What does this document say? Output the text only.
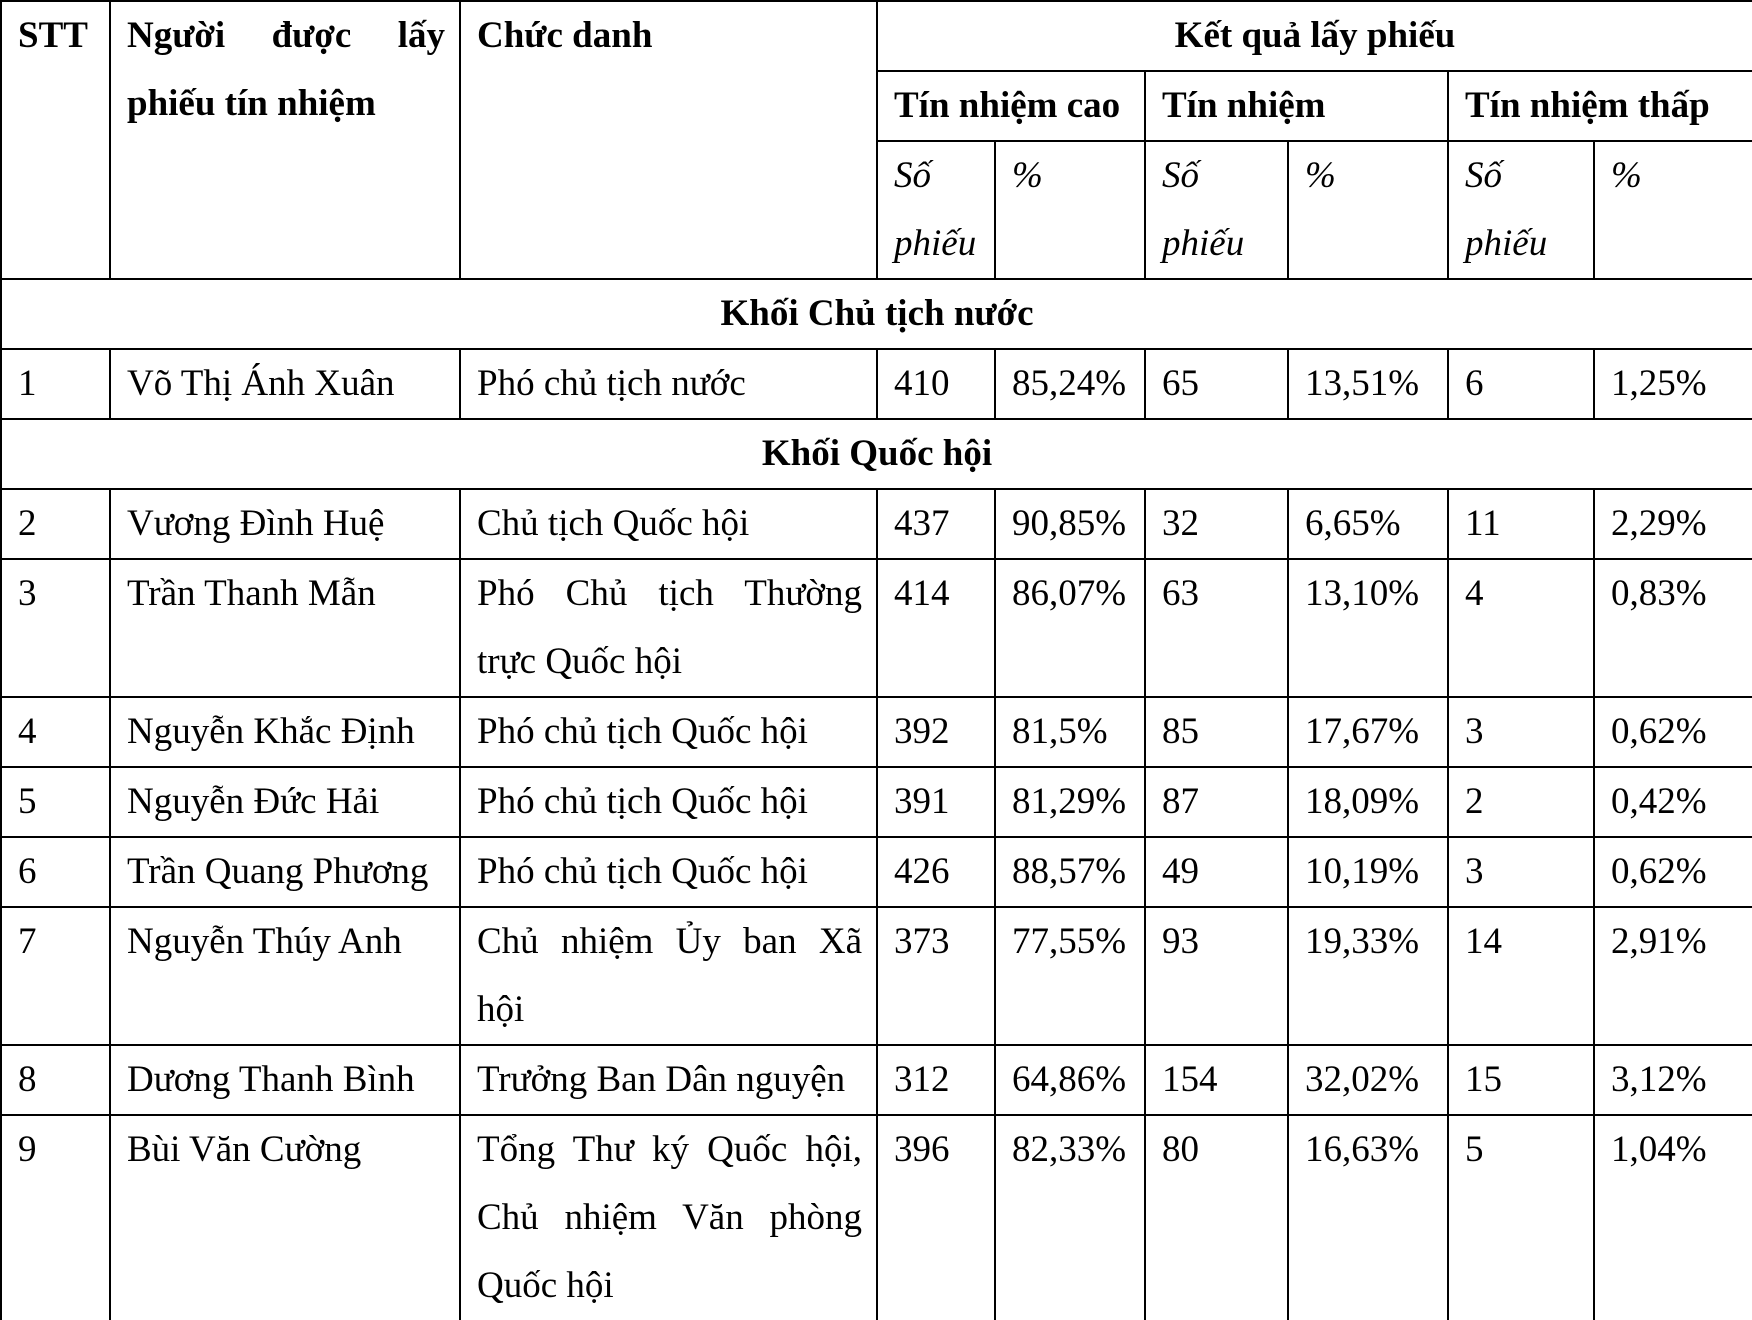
STT	Người được lấy phiếu tín nhiệm	Chức danh	Kết quả lấy phiếu					
			Tín nhiệm cao		Tín nhiệm		Tín nhiệm thấp	
			Số phiếu	%	Số phiếu	%	Số phiếu	%
Khối Chủ tịch nước								
1	Võ Thị Ánh Xuân	Phó chủ tịch nước	410	85,24%	65	13,51%	6	1,25%
Khối Quốc hội								
2	Vương Đình Huệ	Chủ tịch Quốc hội	437	90,85%	32	6,65%	11	2,29%
3	Trần Thanh Mẫn	Phó Chủ tịch Thường trực Quốc hội	414	86,07%	63	13,10%	4	0,83%
4	Nguyễn Khắc Định	Phó chủ tịch Quốc hội	392	81,5%	85	17,67%	3	0,62%
5	Nguyễn Đức Hải	Phó chủ tịch Quốc hội	391	81,29%	87	18,09%	2	0,42%
6	Trần Quang Phương	Phó chủ tịch Quốc hội	426	88,57%	49	10,19%	3	0,62%
7	Nguyễn Thúy Anh	Chủ nhiệm Ủy ban Xã hội	373	77,55%	93	19,33%	14	2,91%
8	Dương Thanh Bình	Trưởng Ban Dân nguyện	312	64,86%	154	32,02%	15	3,12%
9	Bùi Văn Cường	Tổng Thư ký Quốc hội, Chủ nhiệm Văn phòng Quốc hội	396	82,33%	80	16,63%	5	1,04%
